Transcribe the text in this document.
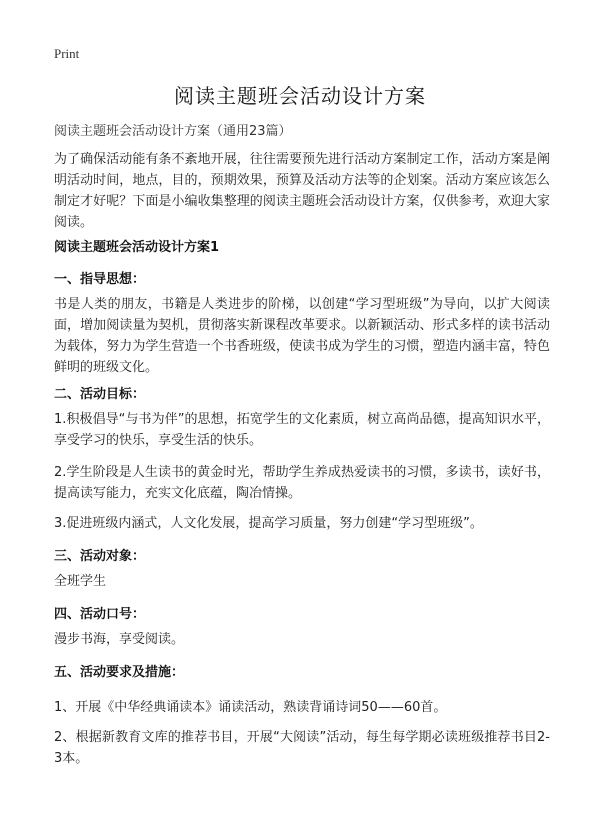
Print
阅读主题班会活动设计方案
阅读主题班会活动设计方案（通用23篇）

为了确保活动能有条不紊地开展，往往需要预先进行活动方案制定工作，活动方案是阐明活动时间，地点，目的，预期效果，预算及活动方法等的企划案。活动方案应该怎么制定才好呢？下面是小编收集整理的阅读主题班会活动设计方案，仅供参考，欢迎大家阅读。

阅读主题班会活动设计方案1
一、指导思想：

书是人类的朋友，书籍是人类进步的阶梯，以创建“学习型班级”为导向，以扩大阅读面，增加阅读量为契机，贯彻落实新课程改革要求。以新颖活动、形式多样的读书活动为载体，努力为学生营造一个书香班级，使读书成为学生的习惯，塑造内涵丰富，特色鲜明的班级文化。

二、活动目标：

1.积极倡导“与书为伴”的思想，拓宽学生的文化素质，树立高尚品德，提高知识水平，享受学习的快乐，享受生活的快乐。

2.学生阶段是人生读书的黄金时光，帮助学生养成热爱读书的习惯，多读书，读好书，提高读写能力，充实文化底蕴，陶冶情操。

3.促进班级内涵式，人文化发展，提高学习质量，努力创建“学习型班级”。

三、活动对象：

全班学生

四、活动口号：

漫步书海，享受阅读。

五、活动要求及措施：

1、开展《中华经典诵读本》诵读活动，熟读背诵诗词50——60首。

2、根据新教育文库的推荐书目，开展“大阅读”活动，每生每学期必读班级推荐书目2-3本。
